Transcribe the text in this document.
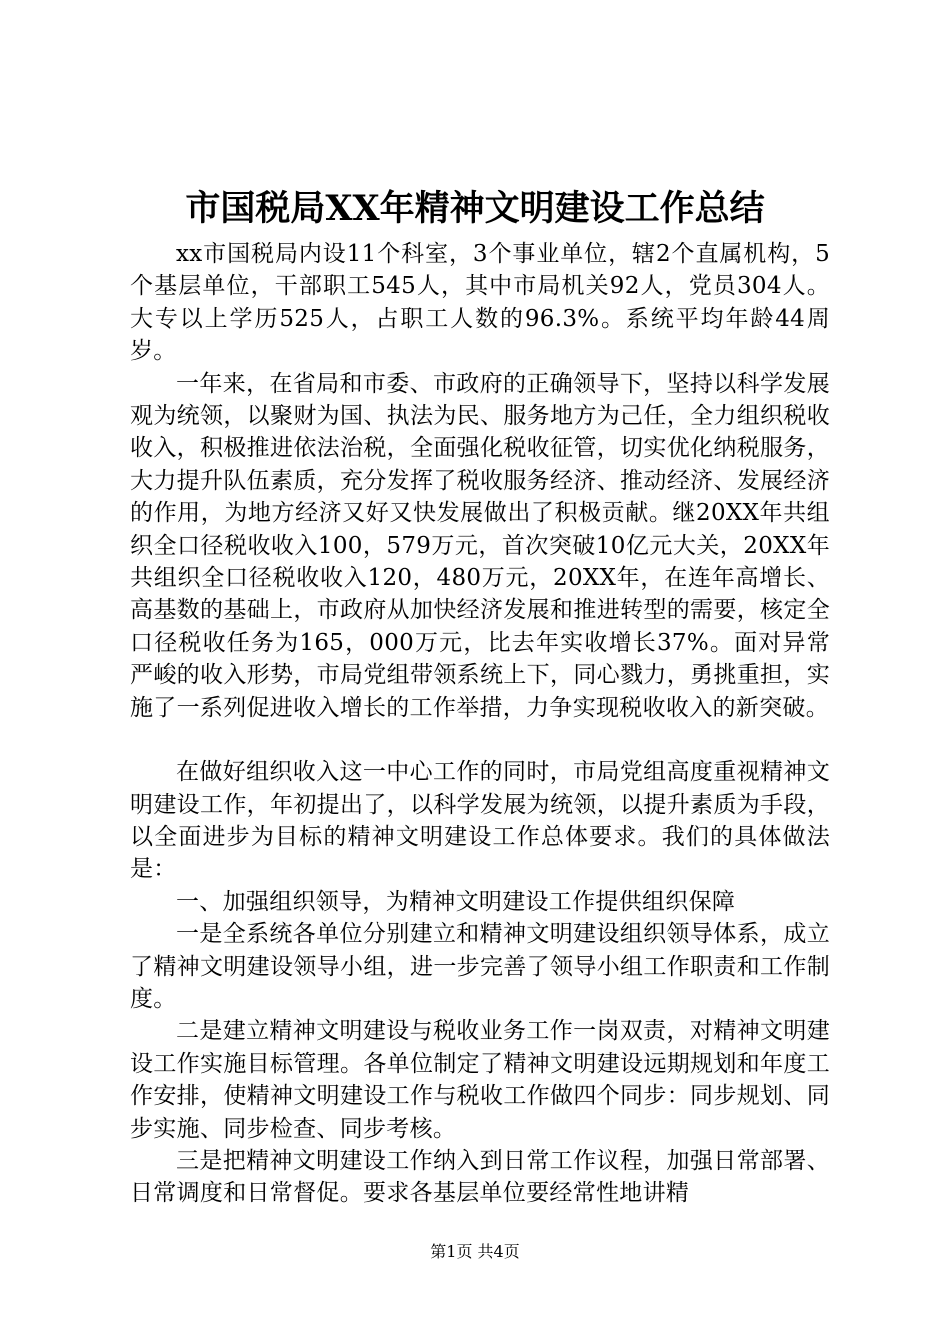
市国税局XX年精神文明建设工作总结

xx市国税局内设11个科室，3个事业单位，辖2个直属机构，5个基层单位，干部职工545人，其中市局机关92人，党员304人。大专以上学历525人，占职工人数的96.3%。系统平均年龄44周岁。

一年来，在省局和市委、市政府的正确领导下，坚持以科学发展观为统领，以聚财为国、执法为民、服务地方为己任，全力组织税收收入，积极推进依法治税，全面强化税收征管，切实优化纳税服务，大力提升队伍素质，充分发挥了税收服务经济、推动经济、发展经济的作用，为地方经济又好又快发展做出了积极贡献。继20XX年共组织全口径税收收入100，579万元，首次突破10亿元大关，20XX年共组织全口径税收收入120，480万元，20XX年，在连年高增长、高基数的基础上，市政府从加快经济发展和推进转型的需要，核定全口径税收任务为165，000万元，比去年实收增长37%。面对异常严峻的收入形势，市局党组带领系统上下，同心戮力，勇挑重担，实施了一系列促进收入增长的工作举措，力争实现税收收入的新突破。

在做好组织收入这一中心工作的同时，市局党组高度重视精神文明建设工作，年初提出了，以科学发展为统领，以提升素质为手段，以全面进步为目标的精神文明建设工作总体要求。我们的具体做法是：

一、加强组织领导，为精神文明建设工作提供组织保障

一是全系统各单位分别建立和精神文明建设组织领导体系，成立了精神文明建设领导小组，进一步完善了领导小组工作职责和工作制度。

二是建立精神文明建设与税收业务工作一岗双责，对精神文明建设工作实施目标管理。各单位制定了精神文明建设远期规划和年度工作安排，使精神文明建设工作与税收工作做四个同步：同步规划、同步实施、同步检查、同步考核。

三是把精神文明建设工作纳入到日常工作议程，加强日常部署、日常调度和日常督促。要求各基层单位要经常性地讲精

第1页 共4页
